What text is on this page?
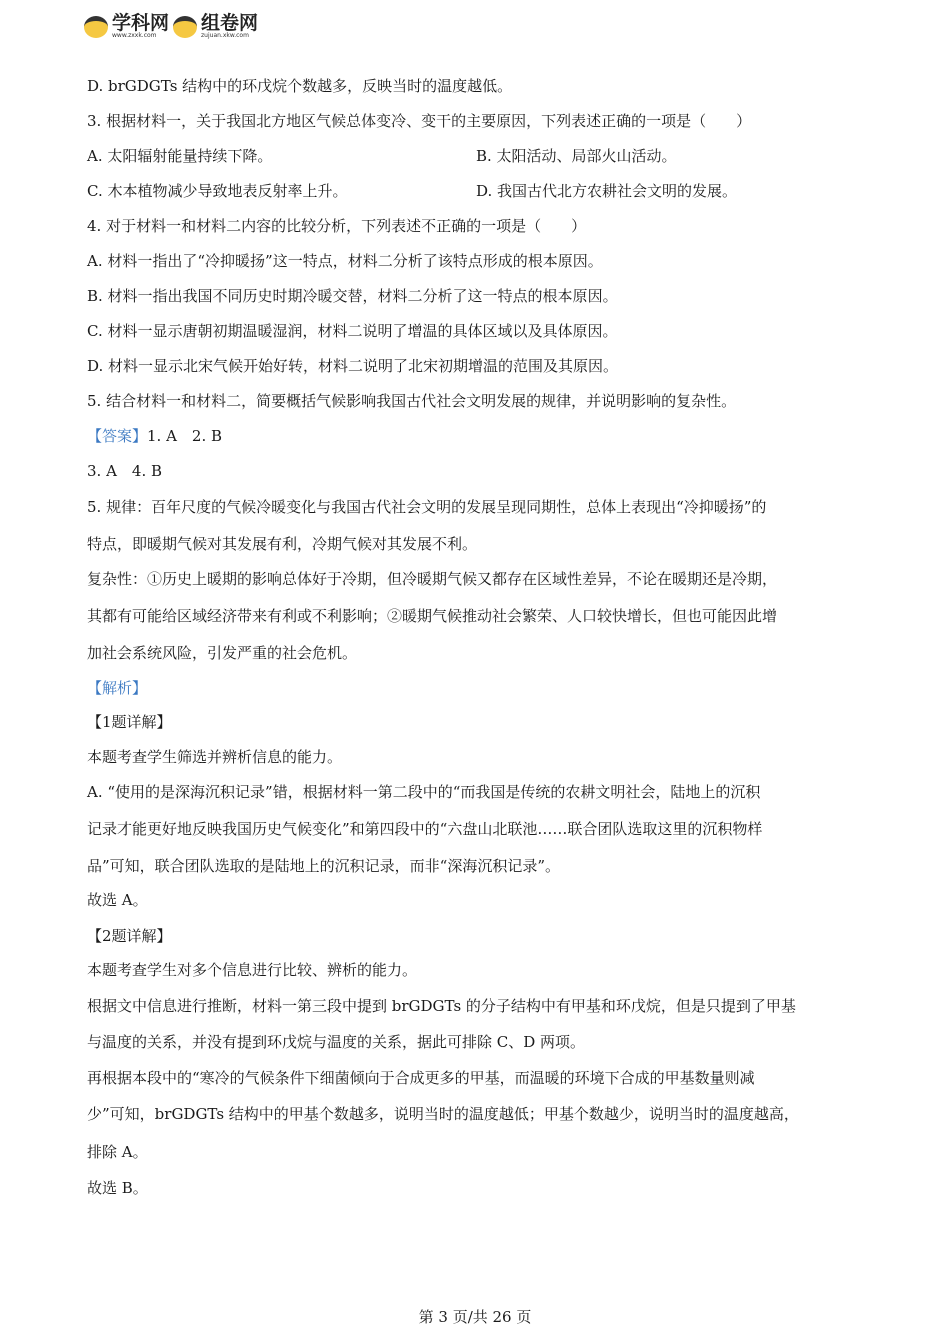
学科网
www.zxxk.com
组卷网
zujuan.xkw.com
D. brGDGTs 结构中的环戊烷个数越多，反映当时的温度越低。
3. 根据材料一，关于我国北方地区气候总体变冷、变干的主要原因，下列表述正确的一项是（　　）
A. 太阳辐射能量持续下降。	B. 太阳活动、局部火山活动。
C. 木本植物减少导致地表反射率上升。	D. 我国古代北方农耕社会文明的发展。
4. 对于材料一和材料二内容的比较分析，下列表述不正确的一项是（　　）
A. 材料一指出了“冷抑暖扬”这一特点，材料二分析了该特点形成的根本原因。
B. 材料一指出我国不同历史时期冷暖交替，材料二分析了这一特点的根本原因。
C. 材料一显示唐朝初期温暖湿润，材料二说明了增温的具体区域以及具体原因。
D. 材料一显示北宋气候开始好转，材料二说明了北宋初期增温的范围及其原因。
5. 结合材料一和材料二，简要概括气候影响我国古代社会文明发展的规律，并说明影响的复杂性。
【答案】1. A　2. B
3. A　4. B
5. 规律：百年尺度的气候冷暖变化与我国古代社会文明的发展呈现同期性，总体上表现出“冷抑暖扬”的
特点，即暖期气候对其发展有利，冷期气候对其发展不利。
复杂性：①历史上暖期的影响总体好于冷期，但冷暖期气候又都存在区域性差异，不论在暖期还是冷期，
其都有可能给区域经济带来有利或不利影响；②暖期气候推动社会繁荣、人口较快增长，但也可能因此增
加社会系统风险，引发严重的社会危机。
【解析】
【1题详解】
本题考查学生筛选并辨析信息的能力。
A. “使用的是深海沉积记录”错，根据材料一第二段中的“而我国是传统的农耕文明社会，陆地上的沉积
记录才能更好地反映我国历史气候变化”和第四段中的“六盘山北联池……联合团队选取这里的沉积物样
品”可知，联合团队选取的是陆地上的沉积记录，而非“深海沉积记录”。
故选 A。
【2题详解】
本题考查学生对多个信息进行比较、辨析的能力。
根据文中信息进行推断，材料一第三段中提到 brGDGTs 的分子结构中有甲基和环戊烷，但是只提到了甲基
与温度的关系，并没有提到环戊烷与温度的关系，据此可排除 C、D 两项。
再根据本段中的“寒冷的气候条件下细菌倾向于合成更多的甲基，而温暖的环境下合成的甲基数量则减
少”可知，brGDGTs 结构中的甲基个数越多，说明当时的温度越低；甲基个数越少，说明当时的温度越高，
排除 A。
故选 B。
第 3 页/共 26 页
